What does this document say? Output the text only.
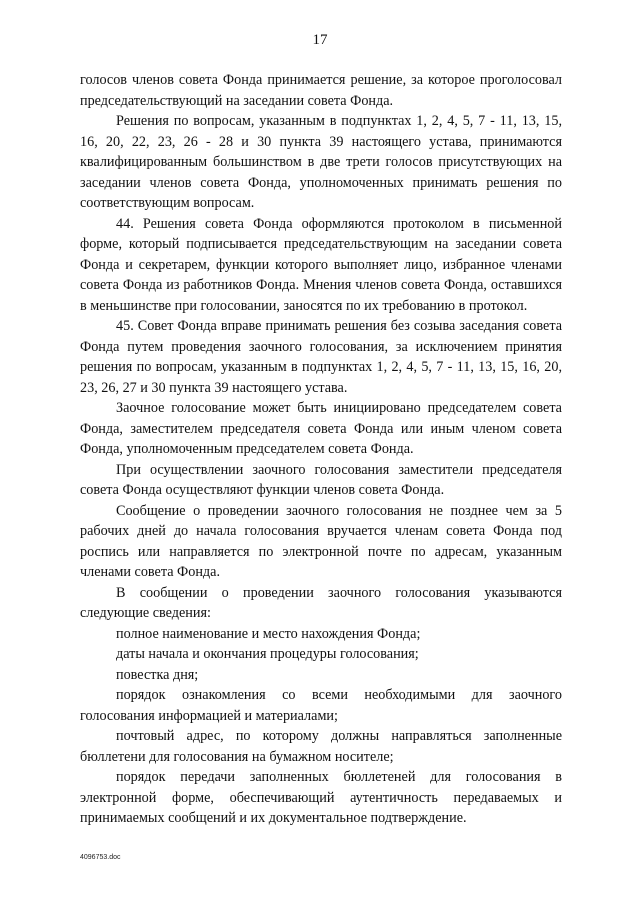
17

голосов членов совета Фонда принимается решение, за которое проголосовал председательствующий на заседании совета Фонда.

Решения по вопросам, указанным в подпунктах 1, 2, 4, 5, 7 - 11, 13, 15, 16, 20, 22, 23, 26 - 28 и 30 пункта 39 настоящего устава, принимаются квалифицированным большинством в две трети голосов присутствующих на заседании членов совета Фонда, уполномоченных принимать решения по соответствующим вопросам.

44. Решения совета Фонда оформляются протоколом в письменной форме, который подписывается председательствующим на заседании совета Фонда и секретарем, функции которого выполняет лицо, избранное членами совета Фонда из работников Фонда. Мнения членов совета Фонда, оставшихся в меньшинстве при голосовании, заносятся по их требованию в протокол.

45. Совет Фонда вправе принимать решения без созыва заседания совета Фонда путем проведения заочного голосования, за исключением принятия решения по вопросам, указанным в подпунктах 1, 2, 4, 5, 7 - 11, 13, 15, 16, 20, 23, 26, 27 и 30 пункта 39 настоящего устава.

Заочное голосование может быть инициировано председателем совета Фонда, заместителем председателя совета Фонда или иным членом совета Фонда, уполномоченным председателем совета Фонда.

При осуществлении заочного голосования заместители председателя совета Фонда осуществляют функции членов совета Фонда.

Сообщение о проведении заочного голосования не позднее чем за 5 рабочих дней до начала голосования вручается членам совета Фонда под роспись или направляется по электронной почте по адресам, указанным членами совета Фонда.

В сообщении о проведении заочного голосования указываются следующие сведения:

полное наименование и место нахождения Фонда;

даты начала и окончания процедуры голосования;

повестка дня;

порядок ознакомления со всеми необходимыми для заочного голосования информацией и материалами;

почтовый адрес, по которому должны направляться заполненные бюллетени для голосования на бумажном носителе;

порядок передачи заполненных бюллетеней для голосования в электронной форме, обеспечивающий аутентичность передаваемых и принимаемых сообщений и их документальное подтверждение.

4096753.doc
